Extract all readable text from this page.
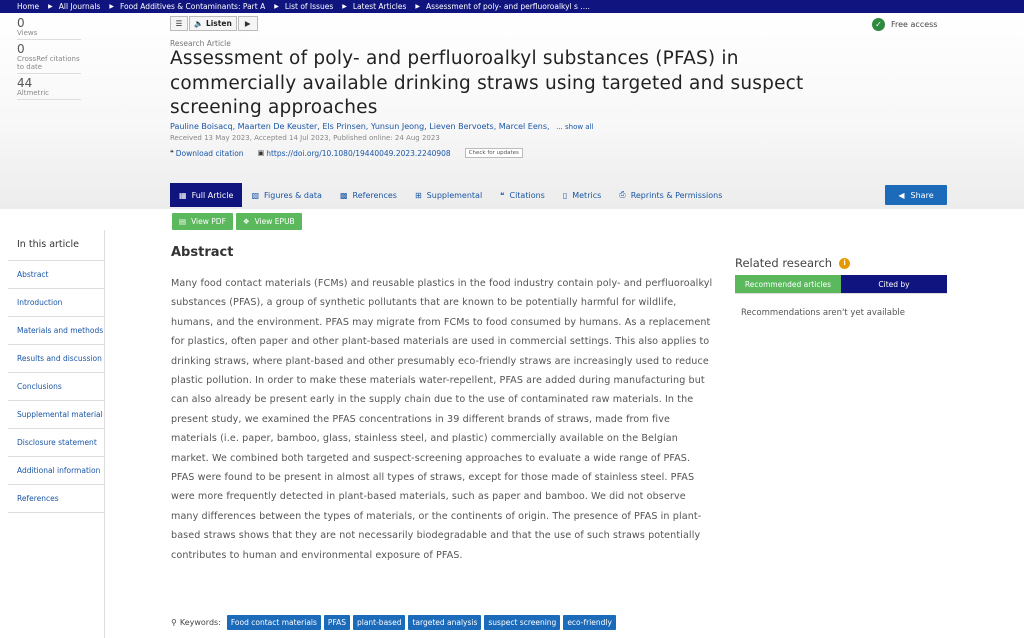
Home ▶ All Journals ▶ Food Additives & Contaminants: Part A ▶ List of Issues ▶ Latest Articles ▶ Assessment of poly- and perfluoroalkyl s ....
0
Views
0
CrossRef citations to date
44
Altmetric
☰	🔈 Listen	▶	✓	Free access
Research Article
Assessment of poly- and perfluoroalkyl substances (PFAS) in commercially available drinking straws using targeted and suspect screening approaches
Pauline Boisacq, Maarten De Keuster, Els Prinsen, Yunsun Jeong, Lieven Bervoets, Marcel Eens, ... show all
Received 13 May 2023, Accepted 14 Jul 2023, Published online: 24 Aug 2023
❝ Download citation ▣ https://doi.org/10.1080/19440049.2023.2240908	Check for updates
▦ Full Article ▧ Figures & data ▩ References ⊞ Supplemental ❝ Citations ▯ Metrics ⎙ Reprints & Permissions	◀ Share
▤ View PDF ❖ View EPUB
In this article
Abstract
Introduction
Materials and methods
Results and discussion
Conclusions
Supplemental material
Disclosure statement
Additional information
References
Abstract

Many food contact materials (FCMs) and reusable plastics in the food industry contain poly- and perfluoroalkyl substances (PFAS), a group of synthetic pollutants that are known to be potentially harmful for wildlife, humans, and the environment. PFAS may migrate from FCMs to food consumed by humans. As a replacement for plastics, often paper and other plant-based materials are used in commercial settings. This also applies to drinking straws, where plant-based and other presumably eco-friendly straws are increasingly used to reduce plastic pollution. In order to make these materials water-repellent, PFAS are added during manufacturing but can also already be present early in the supply chain due to the use of contaminated raw materials. In the present study, we examined the PFAS concentrations in 39 different brands of straws, made from five materials (i.e. paper, bamboo, glass, stainless steel, and plastic) commercially available on the Belgian market. We combined both targeted and suspect-screening approaches to evaluate a wide range of PFAS. PFAS were found to be present in almost all types of straws, except for those made of stainless steel. PFAS were more frequently detected in plant-based materials, such as paper and bamboo. We did not observe many differences between the types of materials, or the continents of origin. The presence of PFAS in plant-based straws shows that they are not necessarily biodegradable and that the use of such straws potentially contributes to human and environmental exposure of PFAS.

⚲ Keywords:	Food contact materials	PFAS	plant-based	targeted analysis	suspect screening	eco-friendly
Related research	i
Recommended articles	Cited by
Recommendations aren't yet available
